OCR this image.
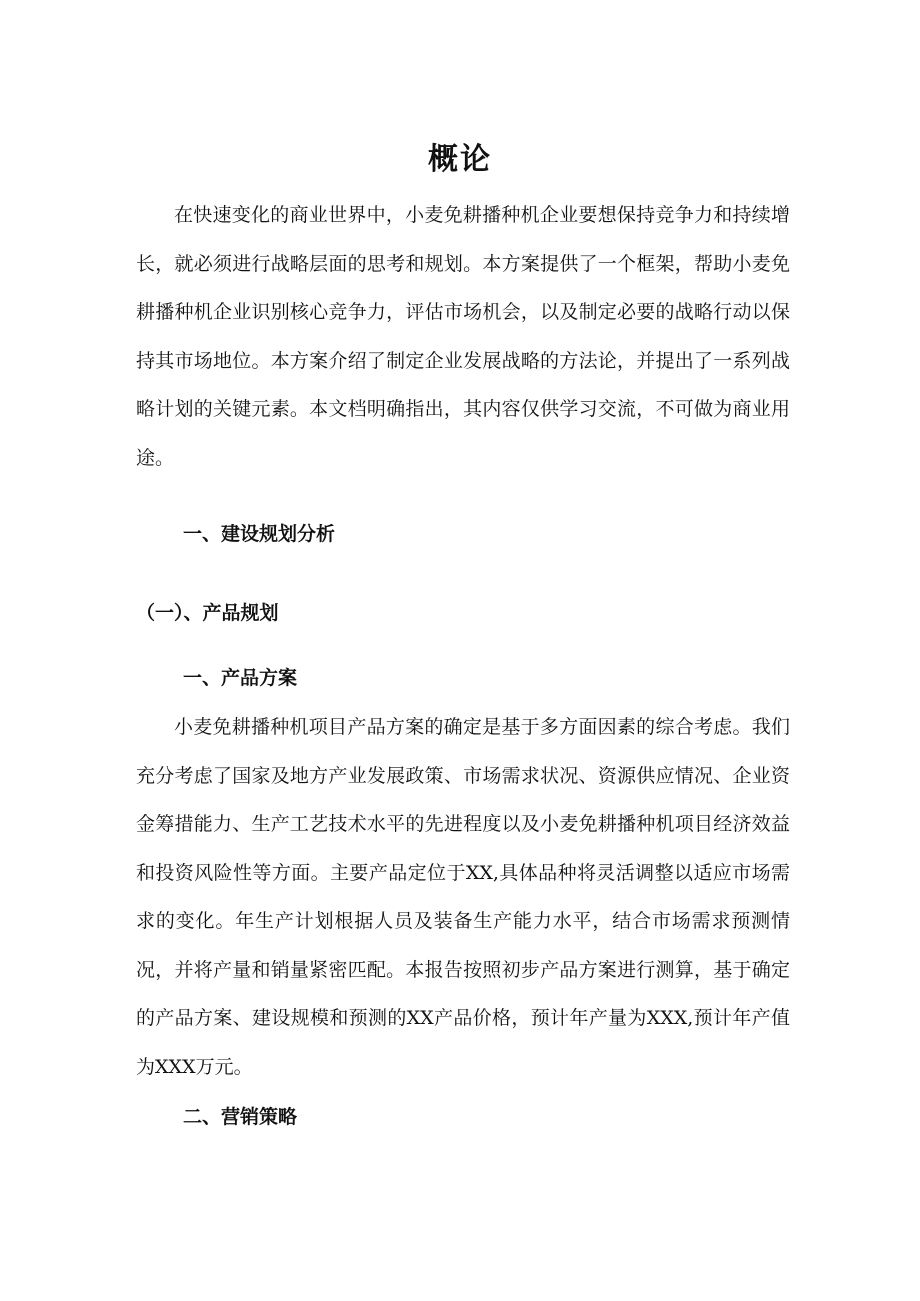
概论

在快速变化的商业世界中，小麦免耕播种机企业要想保持竞争力和持续增长，就必须进行战略层面的思考和规划。本方案提供了一个框架，帮助小麦免耕播种机企业识别核心竞争力，评估市场机会，以及制定必要的战略行动以保持其市场地位。本方案介绍了制定企业发展战略的方法论，并提出了一系列战略计划的关键元素。本文档明确指出，其内容仅供学习交流，不可做为商业用途。

一、建设规划分析
（一）、产品规划
一、产品方案

小麦免耕播种机项目产品方案的确定是基于多方面因素的综合考虑。我们充分考虑了国家及地方产业发展政策、市场需求状况、资源供应情况、企业资金筹措能力、生产工艺技术水平的先进程度以及小麦免耕播种机项目经济效益和投资风险性等方面。主要产品定位于XX,具体品种将灵活调整以适应市场需求的变化。年生产计划根据人员及装备生产能力水平，结合市场需求预测情况，并将产量和销量紧密匹配。本报告按照初步产品方案进行测算，基于确定的产品方案、建设规模和预测的XX产品价格，预计年产量为XXX,预计年产值为XXX万元。

二、营销策略
